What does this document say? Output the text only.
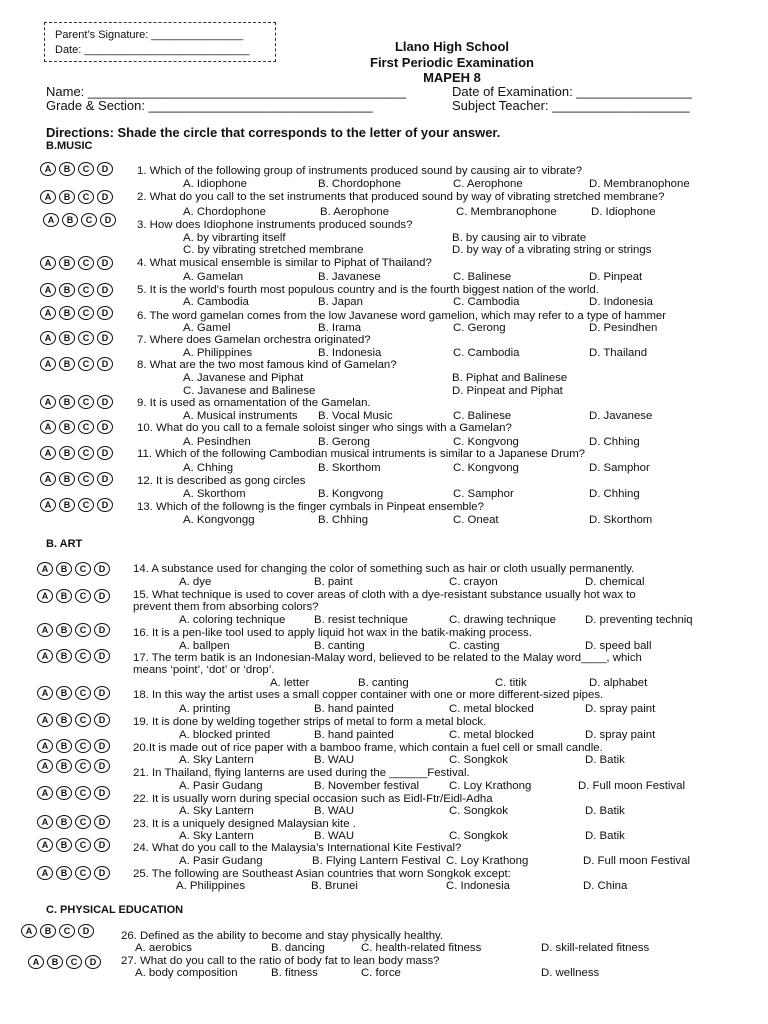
Parent’s Signature: _______________
Date: ___________________________	Llano High School
First Periodic Examination
MAPEH 8
Name: ____________________________________________	Date of Examination: ________________
Grade & Section: _______________________________	Subject Teacher: ___________________
Directions: Shade the circle that corresponds to the letter of your answer.
B.MUSIC
B. ART
C. PHYSICAL EDUCATION
A	B	C	D	1. Which of the following group of instruments produced sound by causing air to vibrate?
A. Idiophone	B. Chordophone	C. Aerophone	D. Membranophone
A	B	C	D	2. What do you call to the set instruments that produced sound by way of vibrating stretched membrane?
A. Chordophone	B. Aerophone	C. Membranophone	D. Idiophone
A	B	C	D	3. How does Idiophone instruments produced sounds?
A. by vibrarting itself	B. by causing air to vibrate
C. by vibrating stretched membrane	D. by way of a vibrating string or strings
A	B	C	D	4. What musical ensemble is similar to Piphat of Thailand?
A. Gamelan	B. Javanese	C. Balinese	D. Pinpeat
A	B	C	D	5. It is the world's fourth most populous country and is the fourth biggest nation of the world.
A. Cambodia	B. Japan	C. Cambodia	D. Indonesia
A	B	C	D	6. The word gamelan comes from the low Javanese word gamelion, which may refer to a type of hammer
A. Gamel	B. Irama	C. Gerong	D. Pesindhen
A	B	C	D	7. Where does Gamelan orchestra originated?
A. Philippines	B. Indonesia	C. Cambodia	D. Thailand
A	B	C	D	8. What are the two most famous kind of Gamelan?
A. Javanese and Piphat	B. Piphat and Balinese
C. Javanese and Balinese	D. Pinpeat and Piphat
A	B	C	D	9. It is used as ornamentation of the Gamelan.
A. Musical instruments B. Vocal Music	C. Balinese	D. Javanese
A	B	C	D	10. What do you call to a female soloist singer who sings with a Gamelan?
A. Pesindhen	B. Gerong	C. Kongvong	D. Chhing
A	B	C	D	11. Which of the following Cambodian musical intruments is similar to a Japanese Drum?
A. Chhing	B. Skorthom	C. Kongvong	D. Samphor
A	B	C	D	12. It is described as gong circles
A. Skorthom	B. Kongvong	C. Samphor	D. Chhing
A	B	C	D	13. Which of the followng is the finger cymbals in Pinpeat ensemble?
A. Kongvongg	B. Chhing	C. Oneat	D. Skorthom
A	B	C	D	14. A substance used for changing the color of something such as hair or cloth usually permanently.
A. dye	B. paint	C. crayon	D. chemical
A	B	C	D	15. What technique is used to cover areas of cloth with a dye-resistant substance usually hot wax to
prevent them from absorbing colors?
A. coloring technique	B. resist technique	C. drawing technique	D. preventing techniq
A	B	C	D	16. It is a pen-like tool used to apply liquid hot wax in the batik-making process.
A. ballpen	B. canting	C. casting	D. speed ball
A	B	C	D	17. The term batik is an Indonesian-Malay word, believed to be related to the Malay word____, which
means ‘point’, ‘dot’ or ‘drop’.
A. letter	B. canting	C. titik	D. alphabet
A	B	C	D	18. In this way the artist uses a small copper container with one or more different-sized pipes.
A. printing	B. hand painted	C. metal blocked	D. spray paint
A	B	C	D	19. It is done by welding together strips of metal to form a metal block.
A. blocked printed	B. hand painted	C. metal blocked	D. spray paint
A	B	C	D	20.It is made out of rice paper with a bamboo frame, which contain a fuel cell or small candle.
A. Sky Lantern	B. WAU	C. Songkok	D. Batik
A	B	C	D
21. In Thailand, flying lanterns are used during the ______Festival.
A. Pasir Gudang	B. November festival	C. Loy Krathong	D. Full moon Festival
A	B	C	D	22. It is usually worn during special occasion such as Eidl-Ftr/Eidl-Adha
A. Sky Lantern	B. WAU	C. Songkok	D. Batik
A	B	C	D	23. It is a uniquely designed Malaysian kite .
A. Sky Lantern	B. WAU	C. Songkok	D. Batik
A	B	C	D	24. What do you call to the Malaysia’s International Kite Festival?
A. Pasir Gudang	B. Flying Lantern Festival C. Loy Krathong	D. Full moon Festival
A	B	C	D	25. The following are Southeast Asian countries that worn Songkok except:
A. Philippines	B. Brunei	C. Indonesia	D. China
A	B	C	D	26. Defined as the ability to become and stay physically healthy.
A. aerobics	B. dancing	C. health-related fitness	D. skill-related fitness
A	B	C	D	27. What do you call to the ratio of body fat to lean body mass?
A. body composition	B. fitness	C. force	D. wellness
